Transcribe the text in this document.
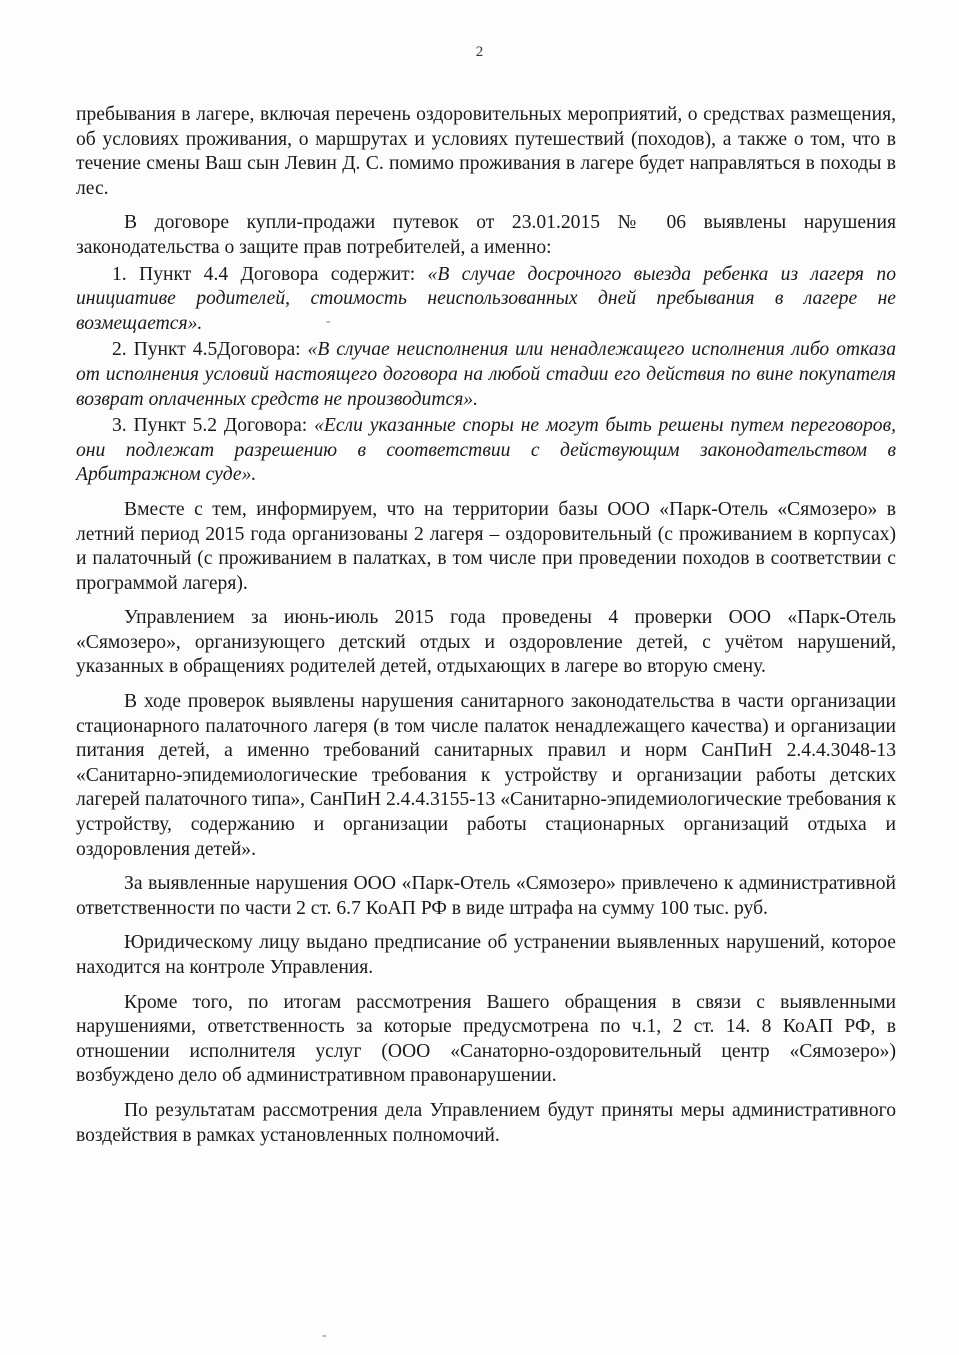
2

пребывания в лагере, включая перечень оздоровительных мероприятий, о средствах размещения, об условиях проживания, о маршрутах и условиях путешествий (походов), а также о том, что в течение смены Ваш сын Левин Д. С. помимо проживания в лагере будет направляться в походы в лес.

В договоре купли-продажи путевок от 23.01.2015 № 06 выявлены нарушения законодательства о защите прав потребителей, а именно:

1. Пункт 4.4 Договора содержит: «В случае досрочного выезда ребенка из лагеря по инициативе родителей, стоимость неиспользованных дней пребывания в лагере не возмещается».

2. Пункт 4.5Договора: «В случае неисполнения или ненадлежащего исполнения либо отказа от исполнения условий настоящего договора на любой стадии его действия по вине покупателя возврат оплаченных средств не производится».

3. Пункт 5.2 Договора: «Если указанные споры не могут быть решены путем переговоров, они подлежат разрешению в соответствии с действующим законодательством в Арбитражном суде».

Вместе с тем, информируем, что на территории базы ООО «Парк-Отель «Сямозеро» в летний период 2015 года организованы 2 лагеря – оздоровительный (с проживанием в корпусах) и палаточный (с проживанием в палатках, в том числе при проведении походов в соответствии с программой лагеря).

Управлением за июнь-июль 2015 года проведены 4 проверки ООО «Парк-Отель «Сямозеро», организующего детский отдых и оздоровление детей, с учётом нарушений, указанных в обращениях родителей детей, отдыхающих в лагере во вторую смену.

В ходе проверок выявлены нарушения санитарного законодательства в части организации стационарного палаточного лагеря (в том числе палаток ненадлежащего качества) и организации питания детей, а именно требований санитарных правил и норм СанПиН 2.4.4.3048-13 «Санитарно-эпидемиологические требования к устройству и организации работы детских лагерей палаточного типа», СанПиН 2.4.4.3155-13 «Санитарно-эпидемиологические требования к устройству, содержанию и организации работы стационарных организаций отдыха и оздоровления детей».

За выявленные нарушения ООО «Парк-Отель «Сямозеро» привлечено к административной ответственности по части 2 ст. 6.7 КоАП РФ в виде штрафа на сумму 100 тыс. руб.

Юридическому лицу выдано предписание об устранении выявленных нарушений, которое находится на контроле Управления.

Кроме того, по итогам рассмотрения Вашего обращения в связи с выявленными нарушениями, ответственность за которые предусмотрена по ч.1, 2 ст. 14. 8 КоАП РФ, в отношении исполнителя услуг (ООО «Санаторно-оздоровительный центр «Сямозеро») возбуждено дело об административном правонарушении.

По результатам рассмотрения дела Управлением будут приняты меры административного воздействия в рамках установленных полномочий.

-
-
